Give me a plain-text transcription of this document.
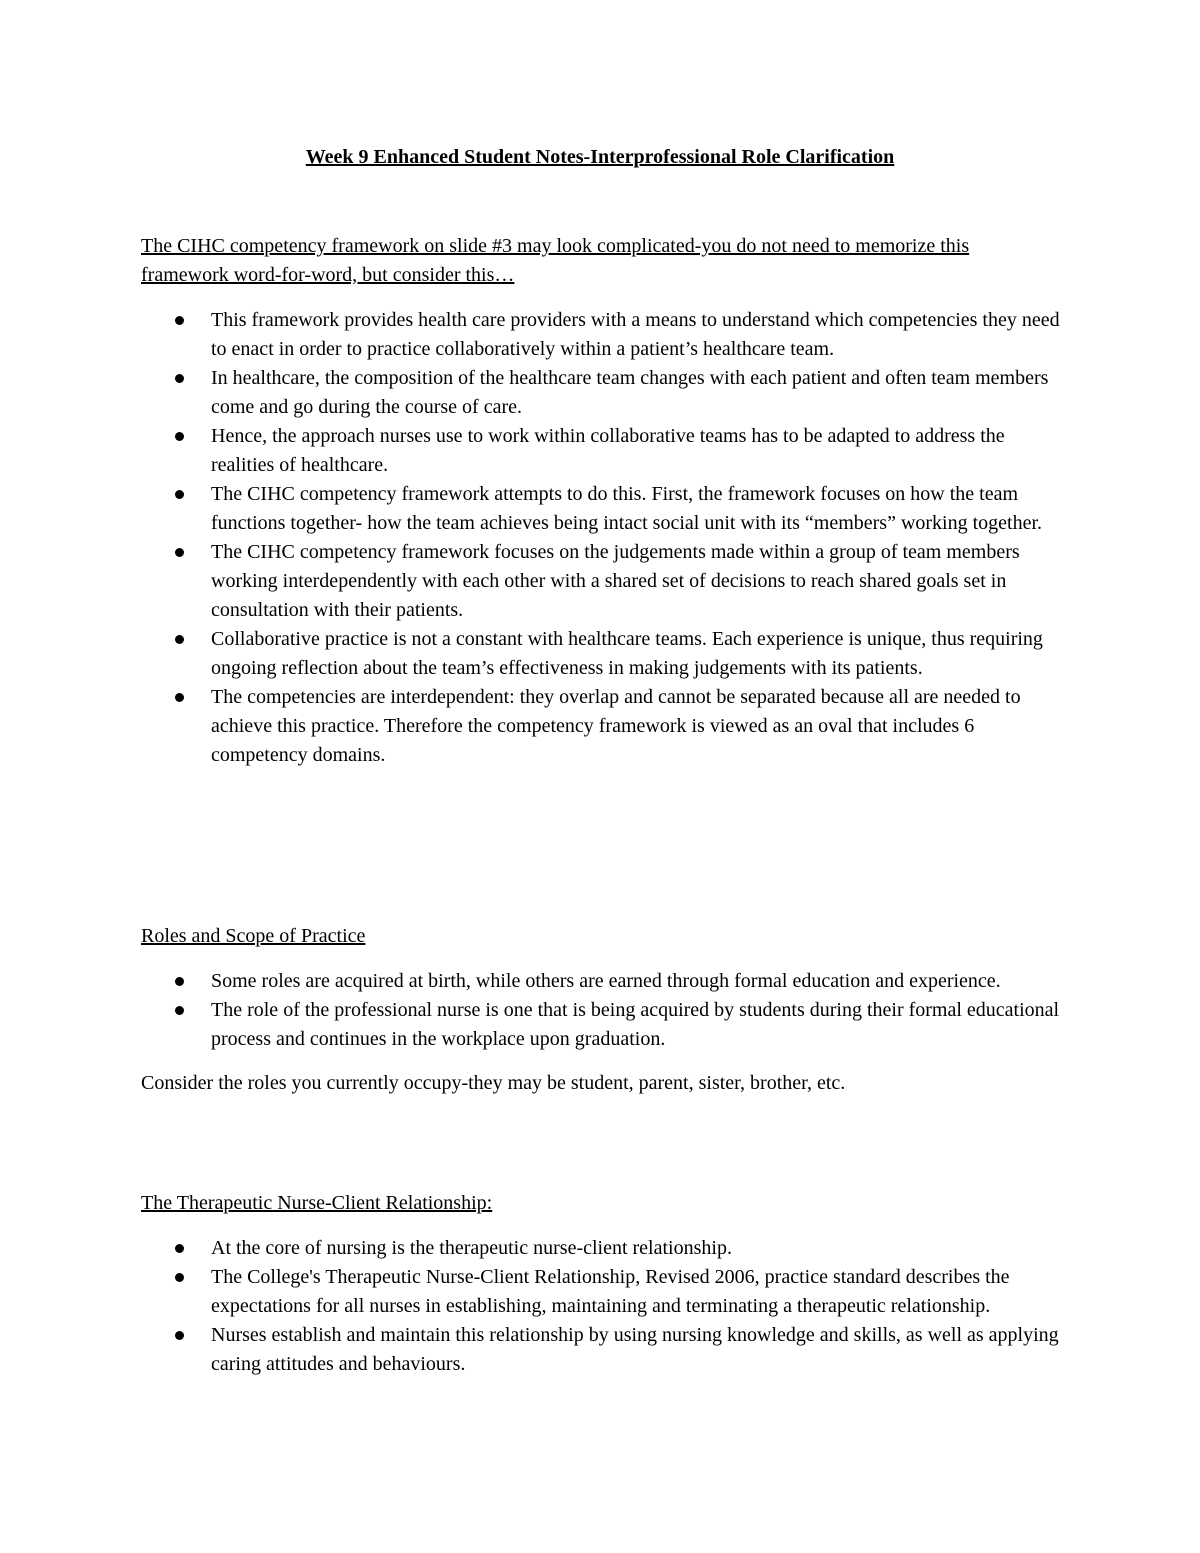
Week 9 Enhanced Student Notes-Interprofessional Role Clarification

The CIHC competency framework on slide #3 may look complicated-you do not need to memorize this framework word-for-word, but consider this…

This framework provides health care providers with a means to understand which competencies they need to enact in order to practice collaboratively within a patient’s healthcare team.
In healthcare, the composition of the healthcare team changes with each patient and often team members come and go during the course of care.
Hence, the approach nurses use to work within collaborative teams has to be adapted to address the realities of healthcare.
The CIHC competency framework attempts to do this. First, the framework focuses on how the team functions together- how the team achieves being intact social unit with its “members” working together.
The CIHC competency framework focuses on the judgements made within a group of team members working interdependently with each other with a shared set of decisions to reach shared goals set in consultation with their patients.
Collaborative practice is not a constant with healthcare teams. Each experience is unique, thus requiring ongoing reflection about the team’s effectiveness in making judgements with its patients.
The competencies are interdependent: they overlap and cannot be separated because all are needed to achieve this practice. Therefore the competency framework is viewed as an oval that includes 6 competency domains.

Roles and Scope of Practice

Some roles are acquired at birth, while others are earned through formal education and experience.
The role of the professional nurse is one that is being acquired by students during their formal educational process and continues in the workplace upon graduation.

Consider the roles you currently occupy-they may be student, parent, sister, brother, etc.

The Therapeutic Nurse-Client Relationship:

At the core of nursing is the therapeutic nurse-client relationship.
The College's Therapeutic Nurse-Client Relationship, Revised 2006, practice standard describes the expectations for all nurses in establishing, maintaining and terminating a therapeutic relationship.
Nurses establish and maintain this relationship by using nursing knowledge and skills, as well as applying caring attitudes and behaviours.
